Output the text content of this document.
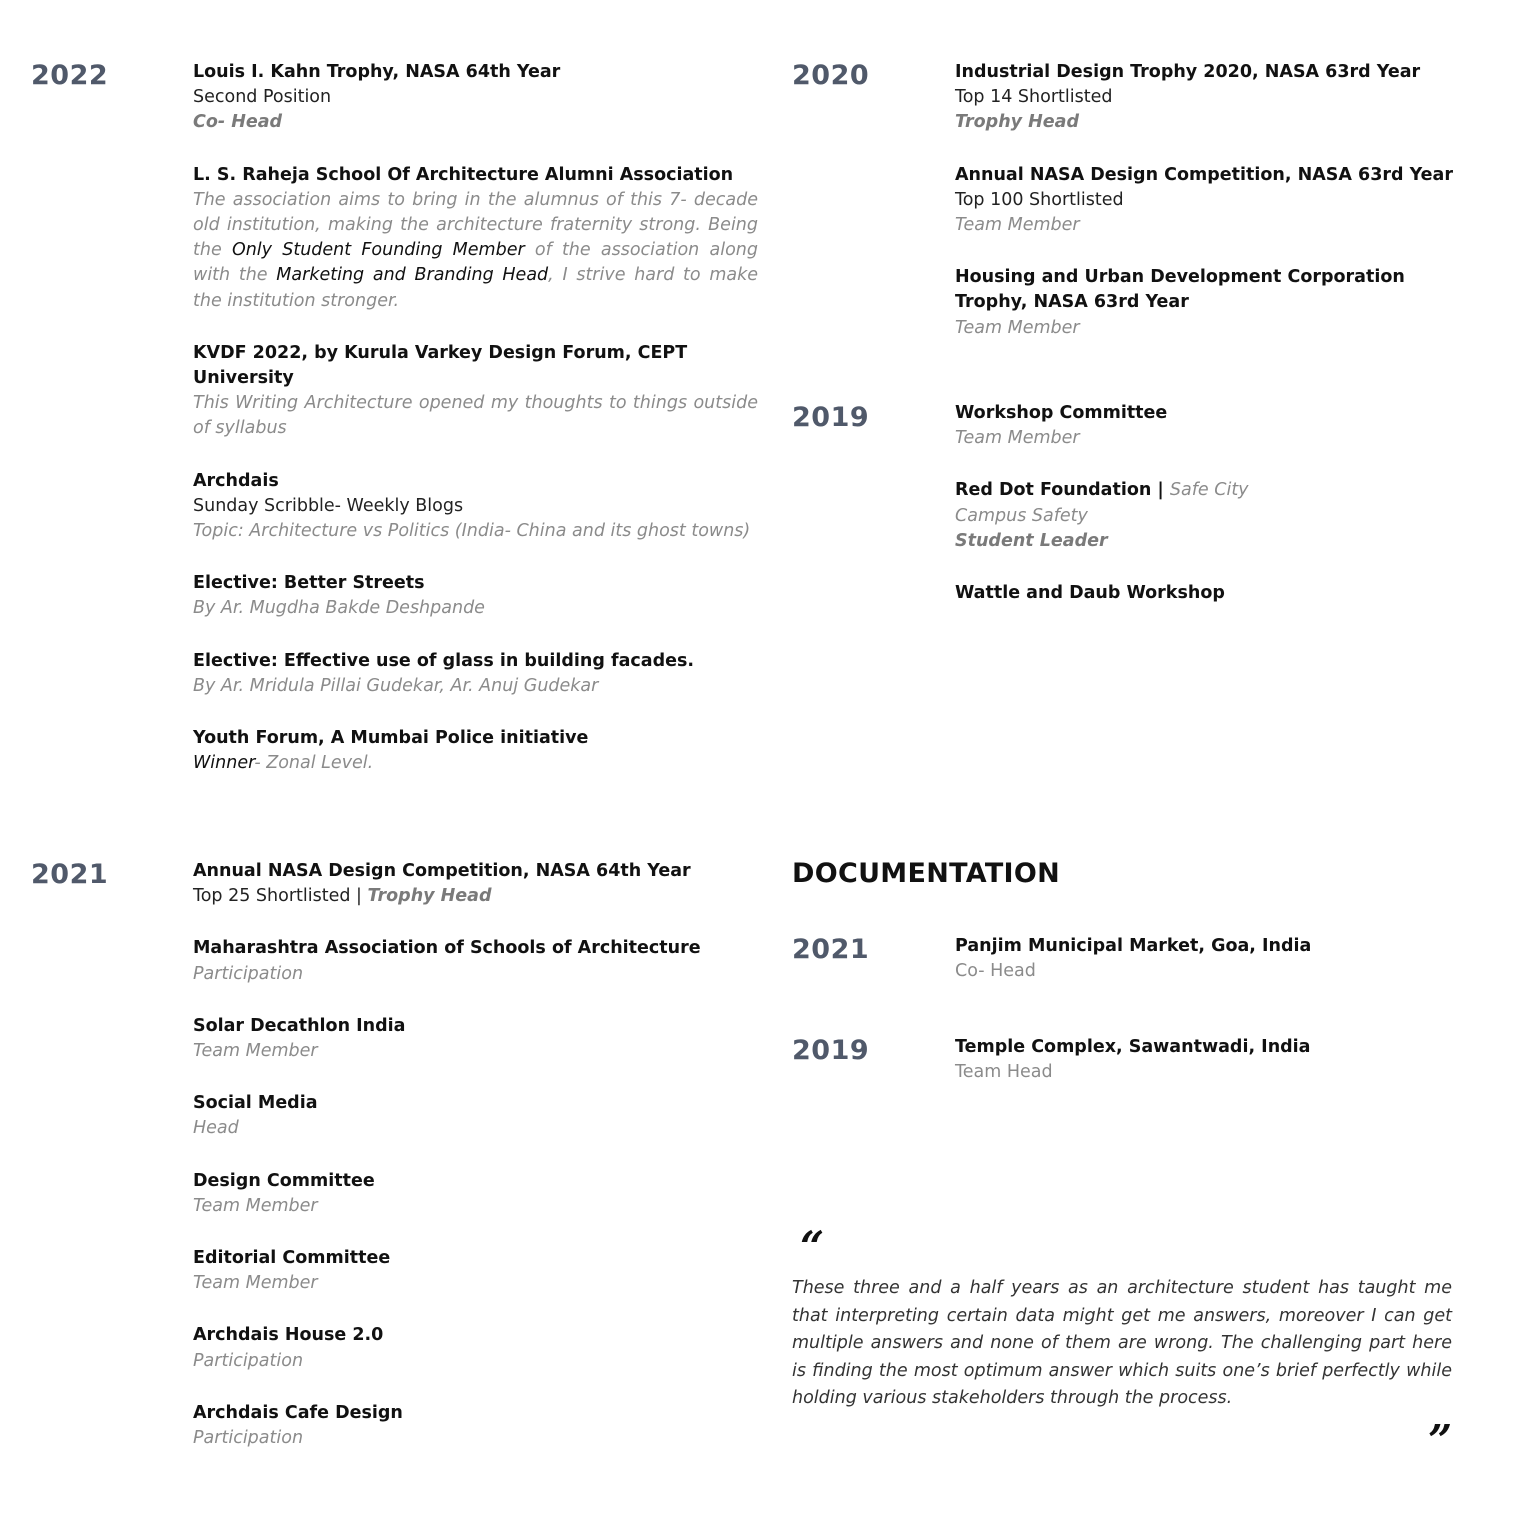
2022	Louis I. Kahn Trophy, NASA 64th Year
Second Position
Co- Head
L. S. Raheja School Of Architecture Alumni Association
The association aims to bring in the alumnus of this 7- decade old institution, making the architecture fraternity strong. Being the Only Student Founding Member of the association along with the Marketing and Branding Head, I strive hard to make the institution stronger.
KVDF 2022, by Kurula Varkey Design Forum, CEPT
University
This Writing Architecture opened my thoughts to things outside of syllabus
Archdais
Sunday Scribble- Weekly Blogs
Topic: Architecture vs Politics (India- China and its ghost towns)
Elective: Better Streets
By Ar. Mugdha Bakde Deshpande
Elective: Effective use of glass in building facades.
By Ar. Mridula Pillai Gudekar, Ar. Anuj Gudekar
Youth Forum, A Mumbai Police initiative
Winner- Zonal Level.
2021	Annual NASA Design Competition, NASA 64th Year
Top 25 Shortlisted | Trophy Head
Maharashtra Association of Schools of Architecture
Participation
Solar Decathlon India
Team Member
Social Media
Head
Design Committee
Team Member
Editorial Committee
Team Member
Archdais House 2.0
Participation
Archdais Cafe Design
Participation
2020	Industrial Design Trophy 2020, NASA 63rd Year
Top 14 Shortlisted
Trophy Head
Annual NASA Design Competition, NASA 63rd Year
Top 100 Shortlisted
Team Member
Housing and Urban Development Corporation
Trophy, NASA 63rd Year
Team Member
2019	Workshop Committee
Team Member
Red Dot Foundation | Safe City
Campus Safety
Student Leader
Wattle and Daub Workshop
DOCUMENTATION
2021	Panjim Municipal Market, Goa, India
Co- Head
2019	Temple Complex, Sawantwadi, India
Team Head
“
These three and a half years as an architecture student has taught me that interpreting certain data might get me answers, moreover I can get multiple answers and none of them are wrong. The challenging part here is finding the most optimum answer which suits one’s brief perfectly while holding various stakeholders through the process.
”
